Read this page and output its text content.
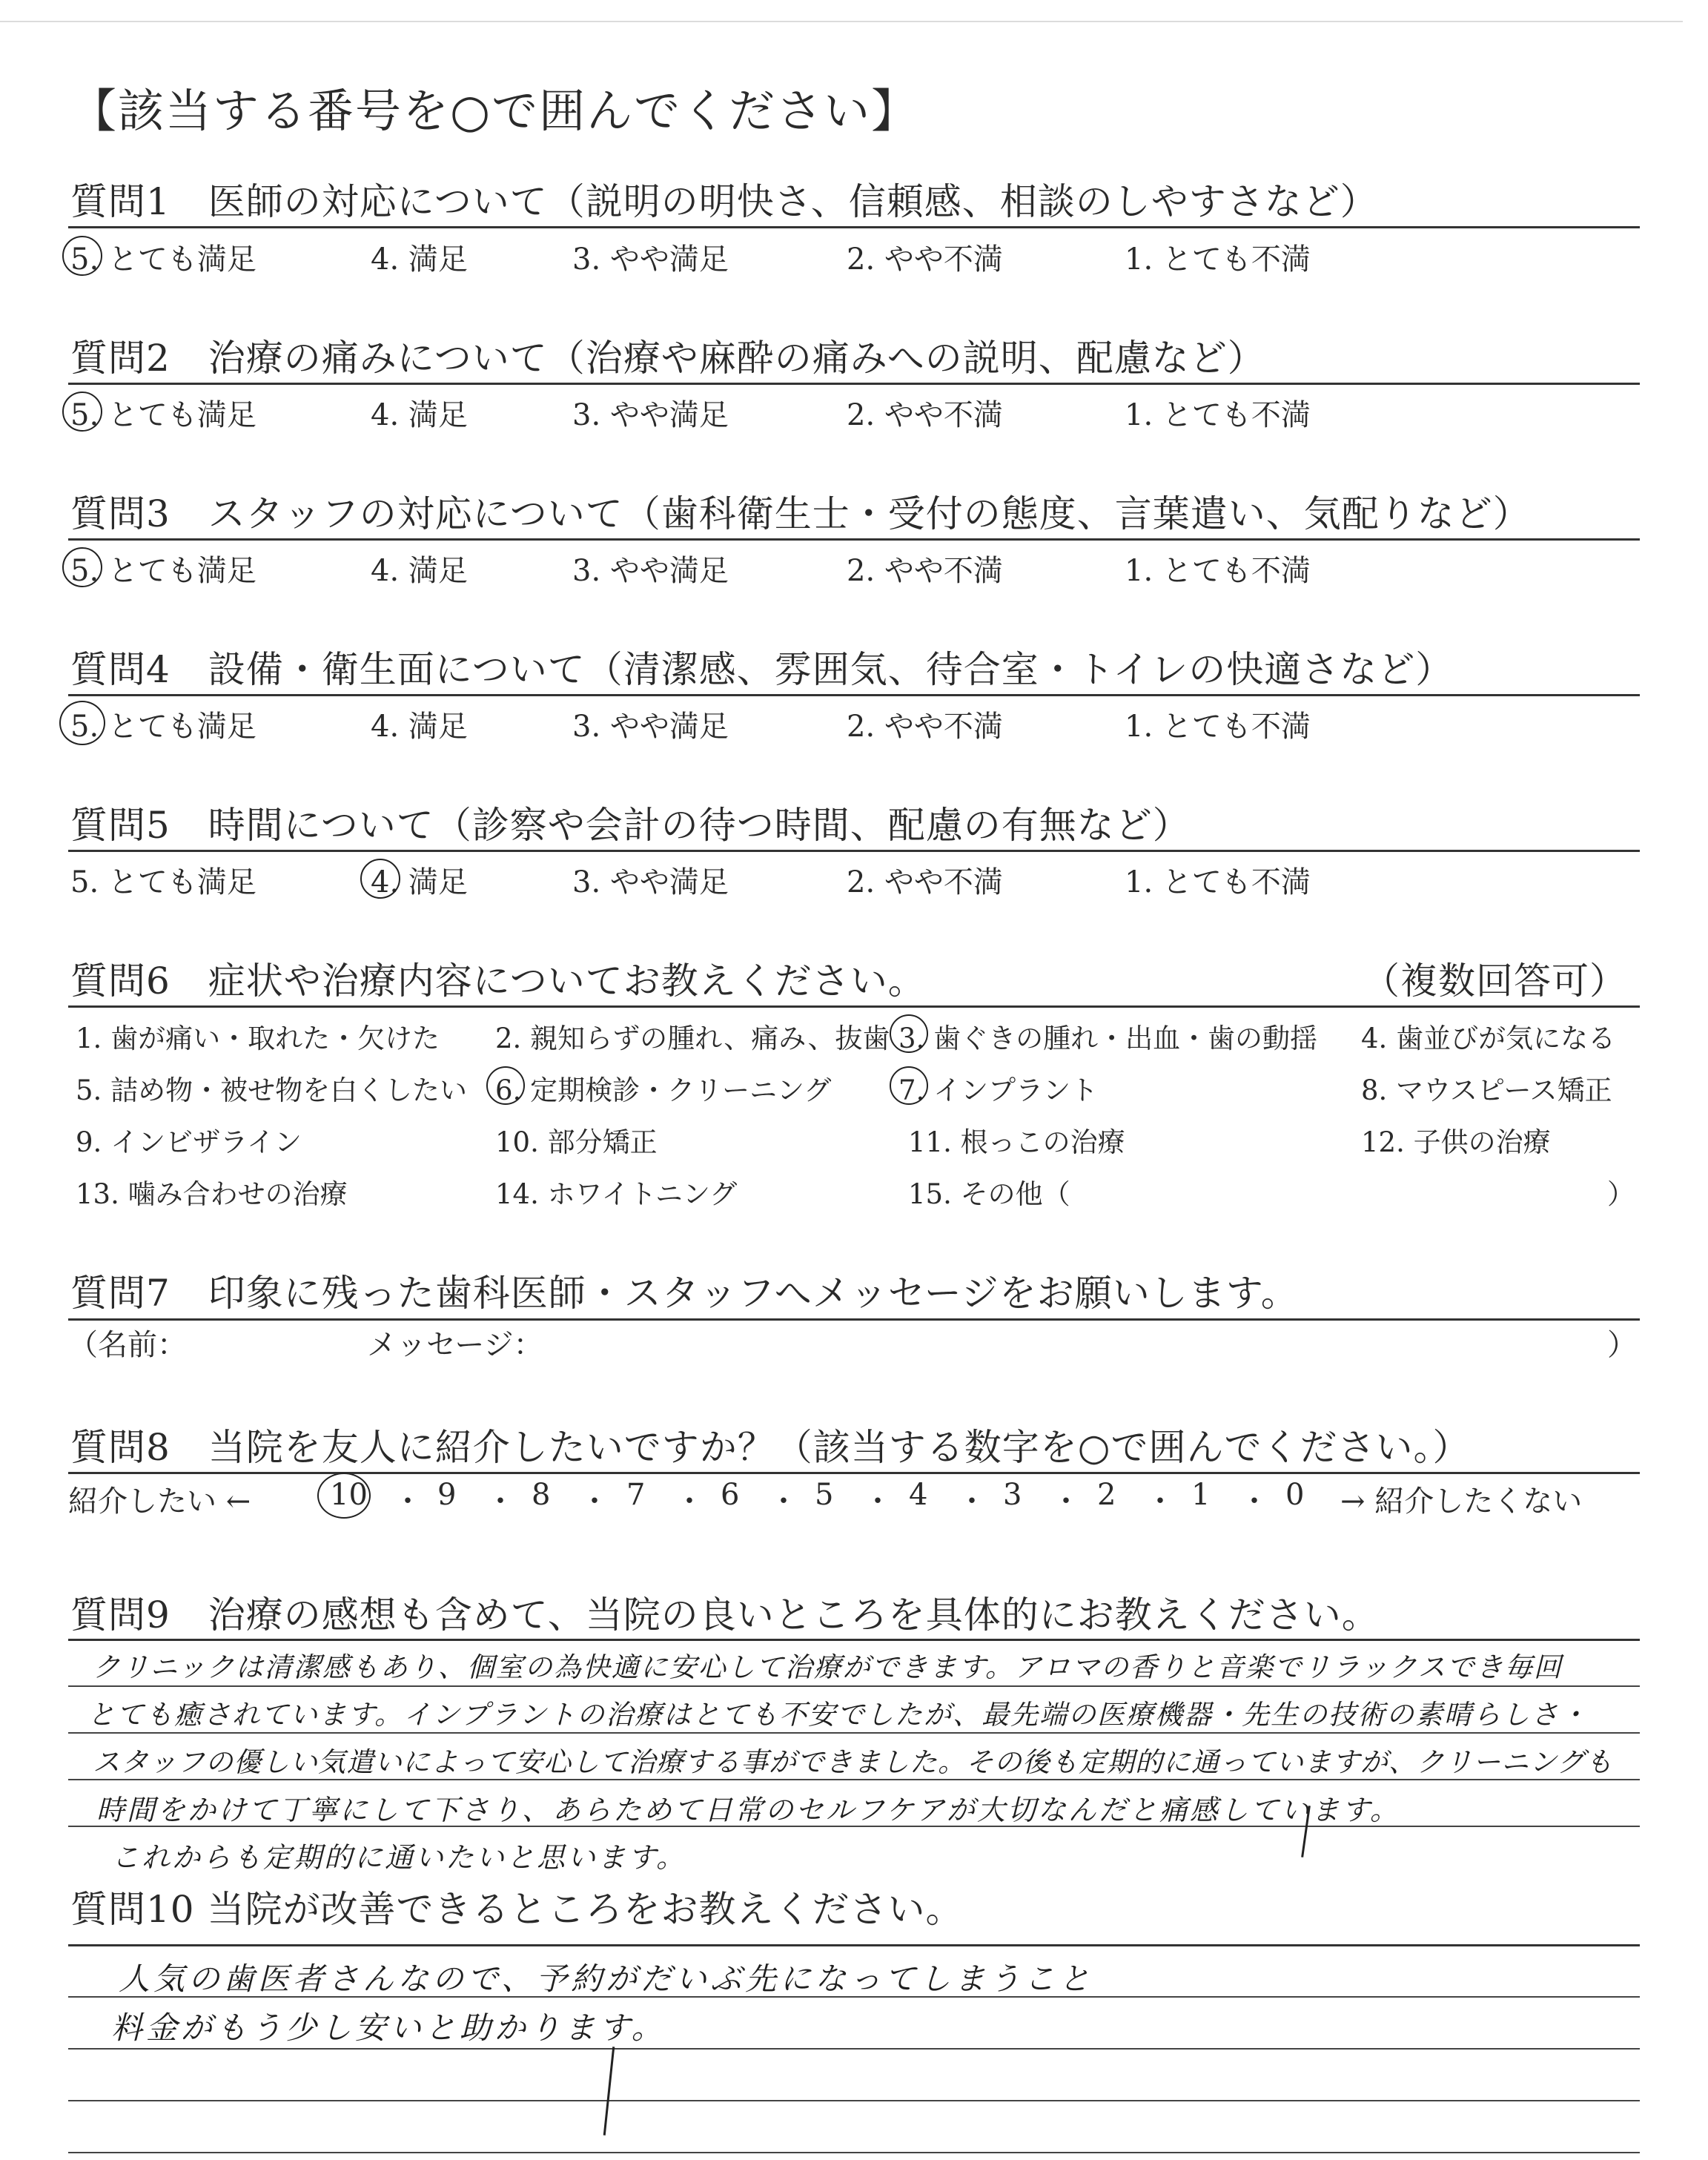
【該当する番号を○で囲んでください】
質問1　医師の対応について（説明の明快さ、信頼感、相談のしやすさなど）
5. とても満足	4. 満足	3. やや満足	2. やや不満	1. とても不満
質問2　治療の痛みについて（治療や麻酔の痛みへの説明、配慮など）
5. とても満足	4. 満足	3. やや満足	2. やや不満	1. とても不満
質問3　スタッフの対応について（歯科衛生士・受付の態度、言葉遣い、気配りなど）
5. とても満足	4. 満足	3. やや満足	2. やや不満	1. とても不満
質問4　設備・衛生面について（清潔感、雰囲気、待合室・トイレの快適さなど）
5. とても満足	4. 満足	3. やや満足	2. やや不満	1. とても不満
質問5　時間について（診察や会計の待つ時間、配慮の有無など）
5. とても満足	4. 満足	3. やや満足	2. やや不満	1. とても不満
質問6　症状や治療内容についてお教えください。	（複数回答可）
1. 歯が痛い・取れた・欠けた 2. 親知らずの腫れ、痛み、抜歯 3. 歯ぐきの腫れ・出血・歯の動揺 4. 歯並びが気になる
5. 詰め物・被せ物を白くしたい 6. 定期検診・クリーニング 7. インプラント	8. マウスピース矯正
9. インビザライン	10. 部分矯正	11. 根っこの治療	12. 子供の治療
13. 噛み合わせの治療	14. ホワイトニング	15. その他（	）
質問7　印象に残った歯科医師・スタッフへメッセージをお願いします。
（名前：	メッセージ：	）
質問8　当院を友人に紹介したいですか？（該当する数字を○で囲んでください。）
紹介したい ←	10 ・ 9 ・ 8 ・ 7 ・ 6 ・ 5 ・ 4 ・ 3 ・ 2 ・ 1 ・ 0 → 紹介したくない
質問9　治療の感想も含めて、当院の良いところを具体的にお教えください。
クリニックは清潔感もあり、個室の為快適に安心して治療ができます。アロマの香りと音楽でリラックスでき毎回
とても癒されています。インプラントの治療はとても不安でしたが、最先端の医療機器・先生の技術の素晴らしさ・
スタッフの優しい気遣いによって安心して治療する事ができました。その後も定期的に通っていますが、クリーニングも
時間をかけて丁寧にして下さり、あらためて日常のセルフケアが大切なんだと痛感しています。
これからも定期的に通いたいと思います。
質問10 当院が改善できるところをお教えください。
人気の歯医者さんなので、予約がだいぶ先になってしまうこと
料金がもう少し安いと助かります。
